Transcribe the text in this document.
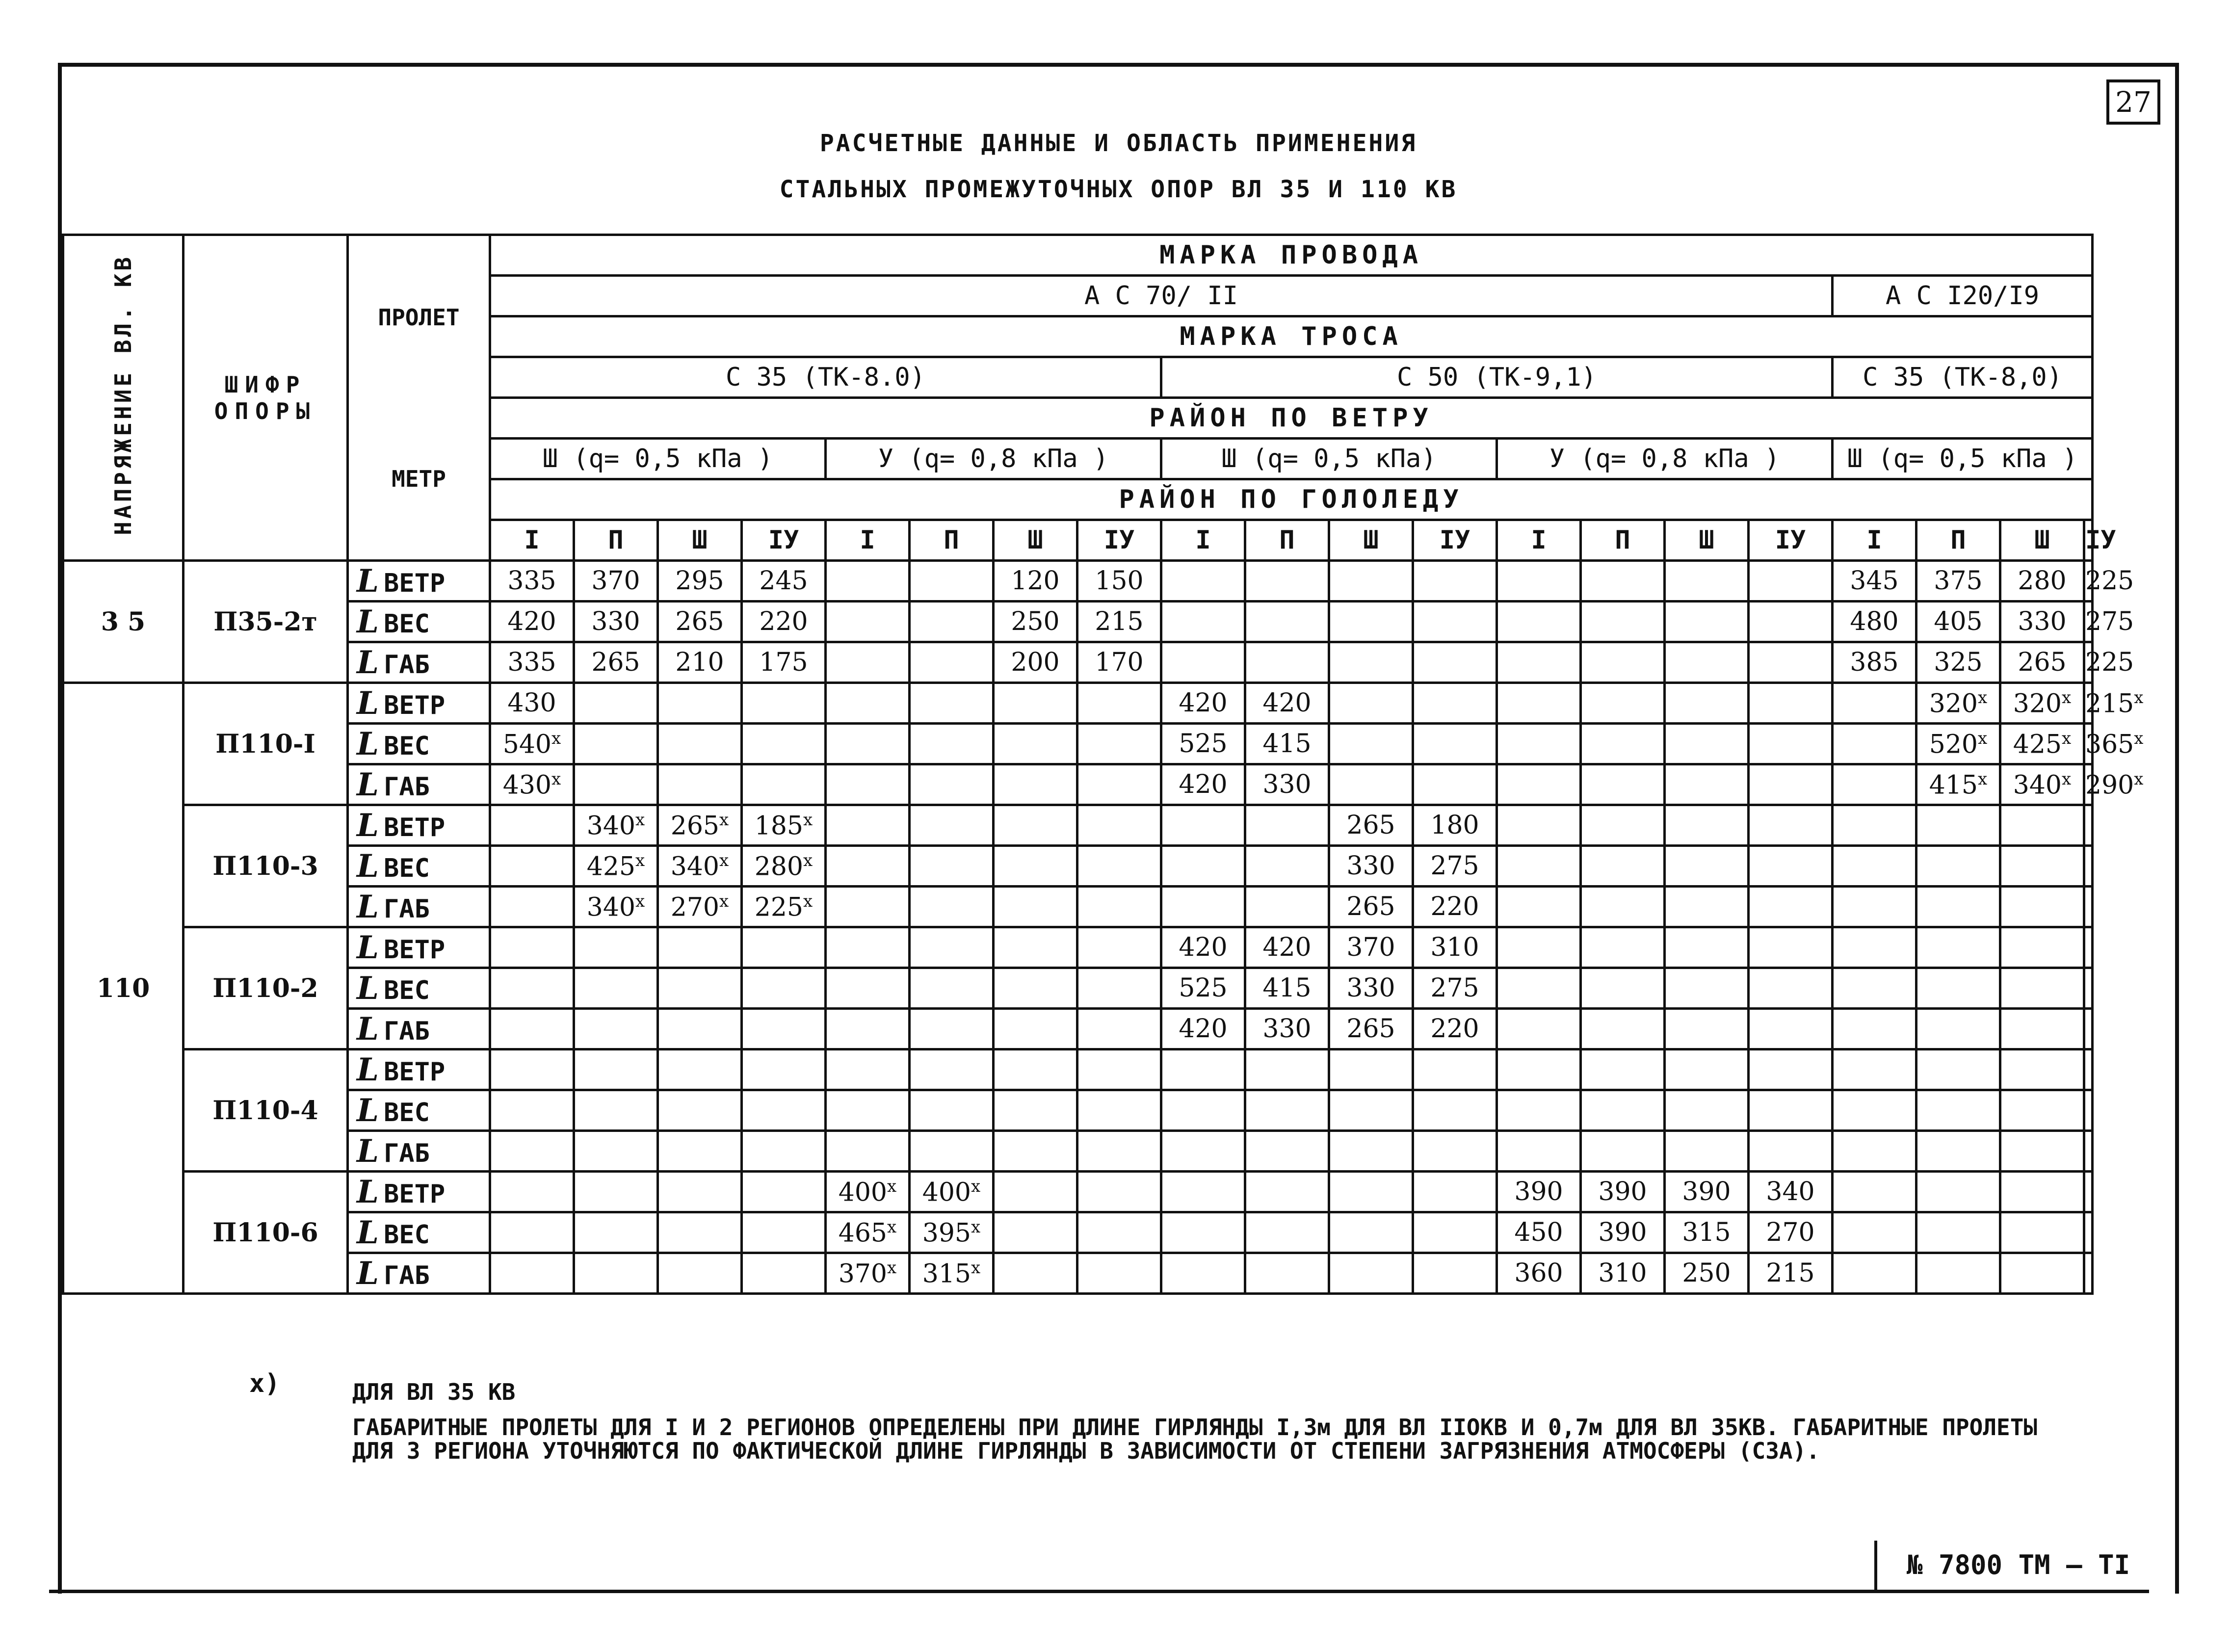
27
РАСЧЕТНЫЕ ДАННЫЕ И ОБЛАСТЬ ПРИМЕНЕНИЯ
СТАЛЬНЫХ ПРОМЕЖУТОЧНЫХ ОПОР ВЛ 35 И 110 КВ
НАПРЯЖЕНИЕ ВЛ. КВ	ШИФР
ОПОРЫ	ПРОЛЕТ	МАРКА ПРОВОДА																				
			А С 70/ II																А С I20/I9				
			МАРКА ТРОСА																				
			С 35 (ТК-8.0)								С 50 (ТК-9,1)								С 35 (ТК-8,0)				
		МЕТР	РАЙОН ПО ВЕТРУ																				
			Ш (q= 0,5 кПа )				У (q= 0,8 кПа )				Ш (q= 0,5 кПа)				У (q= 0,8 кПа )				Ш (q= 0,5 кПа )				
			РАЙОН ПО ГОЛОЛЕДУ																				
			I	П	Ш	IУ	I	П	Ш	IУ	I	П	Ш	IУ	I	П	Ш	IУ	I	П	Ш	IУ	
3 5	П35-2т	L ВЕТР	335	370	295	245			120	150									345	375	280	225	
		L ВЕС	420	330	265	220			250	215									480	405	330	275	
		L ГАБ	335	265	210	175			200	170									385	325	265	225	
110	П110-I	L ВЕТР	430								420	420								320$^x$	320$^x$	215$^x$	
		L ВЕС	540$^x$								525	415								520$^x$	425$^x$	365$^x$	
		L ГАБ	430$^x$								420	330								415$^x$	340$^x$	290$^x$	
	П110-3	L ВЕТР		340$^x$	265$^x$	185$^x$							265	180									
		L ВЕС		425$^x$	340$^x$	280$^x$							330	275									
		L ГАБ		340$^x$	270$^x$	225$^x$							265	220									
	П110-2	L ВЕТР									420	420	370	310									
		L ВЕС									525	415	330	275									
		L ГАБ									420	330	265	220									
	П110-4	L ВЕТР																					
		L ВЕС																					
		L ГАБ																					
	П110-6	L ВЕТР					400$^x$	400$^x$							390	390	390	340					
		L ВЕС					465$^x$	395$^x$							450	390	315	270					
		L ГАБ					370$^x$	315$^x$							360	310	250	215					
х)	ДЛЯ ВЛ 35 КВ
ГАБАРИТНЫЕ ПРОЛЕТЫ ДЛЯ I И 2 РЕГИОНОВ ОПРЕДЕЛЕНЫ ПРИ ДЛИНЕ ГИРЛЯНДЫ I,3м ДЛЯ ВЛ IIОКВ И 0,7м ДЛЯ ВЛ 35КВ. ГАБАРИТНЫЕ ПРОЛЕТЫ
ДЛЯ 3 РЕГИОНА УТОЧНЯЮТСЯ ПО ФАКТИЧЕСКОЙ ДЛИНЕ ГИРЛЯНДЫ В ЗАВИСИМОСТИ ОТ СТЕПЕНИ ЗАГРЯЗНЕНИЯ АТМОСФЕРЫ (СЗА).
№ 7800 ТМ – ТI
